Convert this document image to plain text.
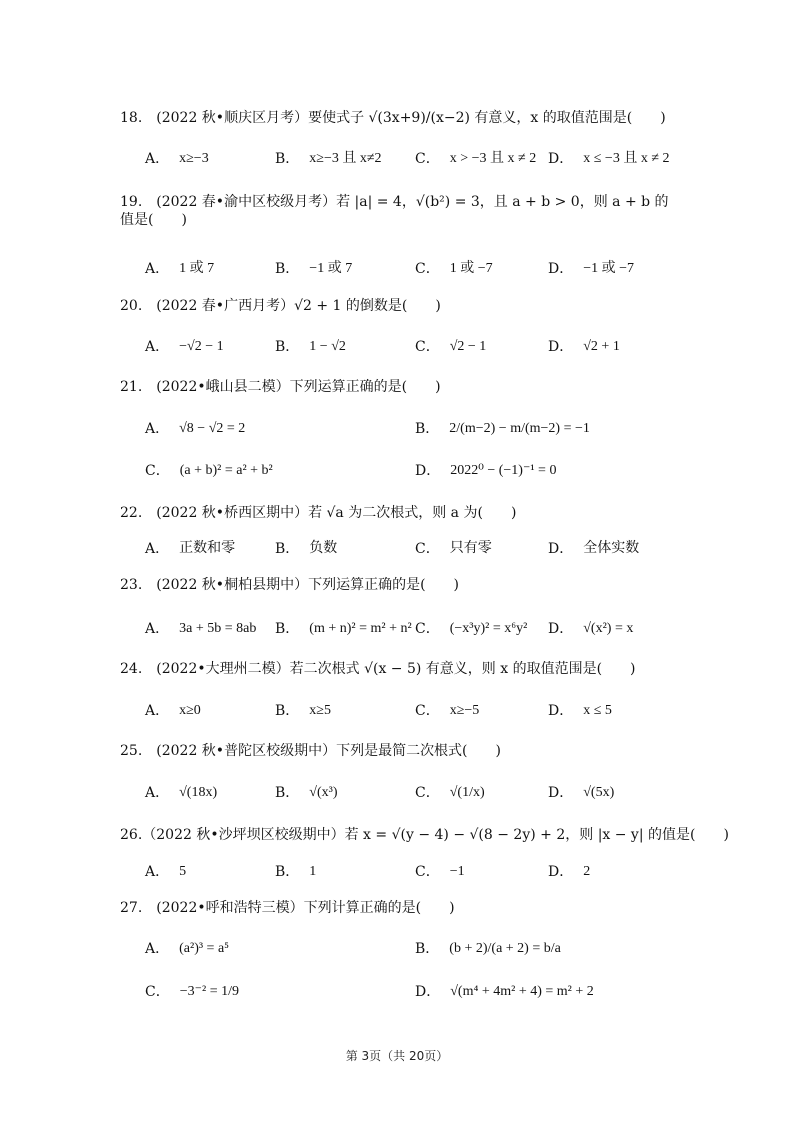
18.　(2022 秋•顺庆区月考）要使式子 √(3x+9)/(x−2) 有意义，x 的取值范围是(　　)
A． x≥−3	B． x≥−3 且 x≠2 C． x > −3 且 x ≠ 2 D． x ≤ −3 且 x ≠ 2
19.　(2022 春•渝中区校级月考）若 |a| = 4，√(b²) = 3，且 a + b > 0，则 a + b 的值是(　　)
A． 1 或 7	B． −1 或 7	C． 1 或 −7	D． −1 或 −7
20.　(2022 春•广西月考）√2 + 1 的倒数是(　　)
A． −√2 − 1	B． 1 − √2	C． √2 − 1	D． √2 + 1
21.　(2022•峨山县二模）下列运算正确的是(　　)
A． √8 − √2 = 2	B． 2/(m−2) − m/(m−2) = −1
C． (a + b)² = a² + b²	D． 2022⁰ − (−1)⁻¹ = 0
22.　(2022 秋•桥西区期中）若 √a 为二次根式，则 a 为(　　)
A． 正数和零	B． 负数	C． 只有零	D． 全体实数
23.　(2022 秋•桐柏县期中）下列运算正确的是(　　)
A． 3a + 5b = 8ab B． (m + n)² = m² + n² C． (−x³y)² = x⁶y² D． √(x²) = x
24.　(2022•大理州二模）若二次根式 √(x − 5) 有意义，则 x 的取值范围是(　　)
A． x≥0	B． x≥5	C． x≥−5	D． x ≤ 5
25.　(2022 秋•普陀区校级期中）下列是最简二次根式(　　)
A． √(18x)	B． √(x³)	C． √(1/x)	D． √(5x)
26.（2022 秋•沙坪坝区校级期中）若 x = √(y − 4) − √(8 − 2y) + 2，则 |x − y| 的值是(　　)
A． 5	B． 1	C． −1	D． 2
27.　(2022•呼和浩特三模）下列计算正确的是(　　)
A． (a²)³ = a⁵	B． (b + 2)/(a + 2) = b/a
C． −3⁻² = 1/9	D． √(m⁴ + 4m² + 4) = m² + 2
第 3页（共 20页）
